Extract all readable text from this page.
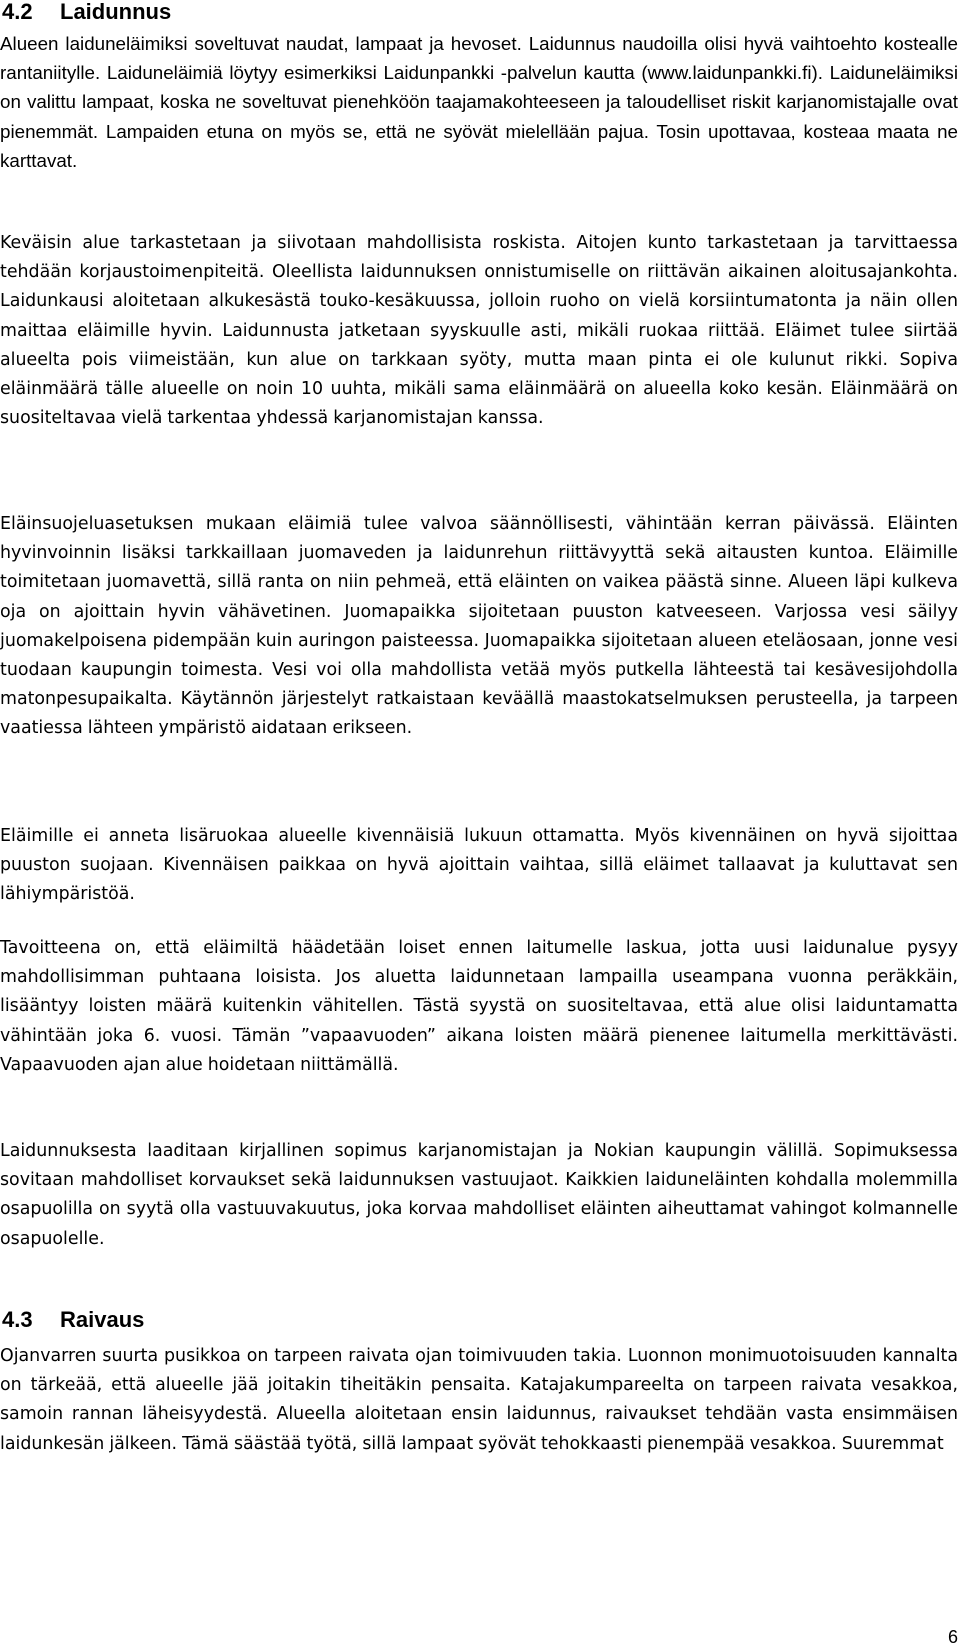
4.2 Laidunnus

Alueen laiduneläimiksi soveltuvat naudat, lampaat ja hevoset. Laidunnus naudoilla olisi hyvä vaihtoehto kostealle rantaniitylle. Laiduneläimiä löytyy esimerkiksi Laidunpankki -palvelun kautta (www.laidunpankki.fi). Laiduneläimiksi on valittu lampaat, koska ne soveltuvat pienehköön taajamakohteeseen ja taloudelliset riskit karjanomistajalle ovat pienemmät. Lampaiden etuna on myös se, että ne syövät mielellään pajua. Tosin upottavaa, kosteaa maata ne karttavat.

Keväisin alue tarkastetaan ja siivotaan mahdollisista roskista. Aitojen kunto tarkastetaan ja tarvittaessa tehdään korjaustoimenpiteitä. Oleellista laidunnuksen onnistumiselle on riittävän aikainen aloitusajankohta. Laidunkausi aloitetaan alkukesästä touko-kesäkuussa, jolloin ruoho on vielä korsiintumatonta ja näin ollen maittaa eläimille hyvin. Laidunnusta jatketaan syyskuulle asti, mikäli ruokaa riittää. Eläimet tulee siirtää alueelta pois viimeistään, kun alue on tarkkaan syöty, mutta maan pinta ei ole kulunut rikki. Sopiva eläinmäärä tälle alueelle on noin 10 uuhta, mikäli sama eläinmäärä on alueella koko kesän. Eläinmäärä on suositeltavaa vielä tarkentaa yhdessä karjanomistajan kanssa.

Eläinsuojeluasetuksen mukaan eläimiä tulee valvoa säännöllisesti, vähintään kerran päivässä. Eläinten hyvinvoinnin lisäksi tarkkaillaan juomaveden ja laidunrehun riittävyyttä sekä aitausten kuntoa. Eläimille toimitetaan juomavettä, sillä ranta on niin pehmeä, että eläinten on vaikea päästä sinne. Alueen läpi kulkeva oja on ajoittain hyvin vähävetinen. Juomapaikka sijoitetaan puuston katveeseen. Varjossa vesi säilyy juomakelpoisena pidempään kuin auringon paisteessa. Juomapaikka sijoitetaan alueen eteläosaan, jonne vesi tuodaan kaupungin toimesta. Vesi voi olla mahdollista vetää myös putkella lähteestä tai kesävesijohdolla matonpesupaikalta. Käytännön järjestelyt ratkaistaan keväällä maastokatselmuksen perusteella, ja tarpeen vaatiessa lähteen ympäristö aidataan erikseen.

Eläimille ei anneta lisäruokaa alueelle kivennäisiä lukuun ottamatta. Myös kivennäinen on hyvä sijoittaa puuston suojaan. Kivennäisen paikkaa on hyvä ajoittain vaihtaa, sillä eläimet tallaavat ja kuluttavat sen lähiympäristöä.

Tavoitteena on, että eläimiltä häädetään loiset ennen laitumelle laskua, jotta uusi laidunalue pysyy mahdollisimman puhtaana loisista. Jos aluetta laidunnetaan lampailla useampana vuonna peräkkäin, lisääntyy loisten määrä kuitenkin vähitellen. Tästä syystä on suositeltavaa, että alue olisi laiduntamatta vähintään joka 6. vuosi. Tämän ”vapaavuoden” aikana loisten määrä pienenee laitumella merkittävästi. Vapaavuoden ajan alue hoidetaan niittämällä.

Laidunnuksesta laaditaan kirjallinen sopimus karjanomistajan ja Nokian kaupungin välillä. Sopimuksessa sovitaan mahdolliset korvaukset sekä laidunnuksen vastuujaot. Kaikkien laiduneläinten kohdalla molemmilla osapuolilla on syytä olla vastuuvakuutus, joka korvaa mahdolliset eläinten aiheuttamat vahingot kolmannelle osapuolelle.

4.3 Raivaus

Ojanvarren suurta pusikkoa on tarpeen raivata ojan toimivuuden takia. Luonnon monimuotoisuuden kannalta on tärkeää, että alueelle jää joitakin tiheitäkin pensaita. Katajakumpareelta on tarpeen raivata vesakkoa, samoin rannan läheisyydestä. Alueella aloitetaan ensin laidunnus, raivaukset tehdään vasta ensimmäisen laidunkesän jälkeen. Tämä säästää työtä, sillä lampaat syövät tehokkaasti pienempää vesakkoa. Suuremmat

6
